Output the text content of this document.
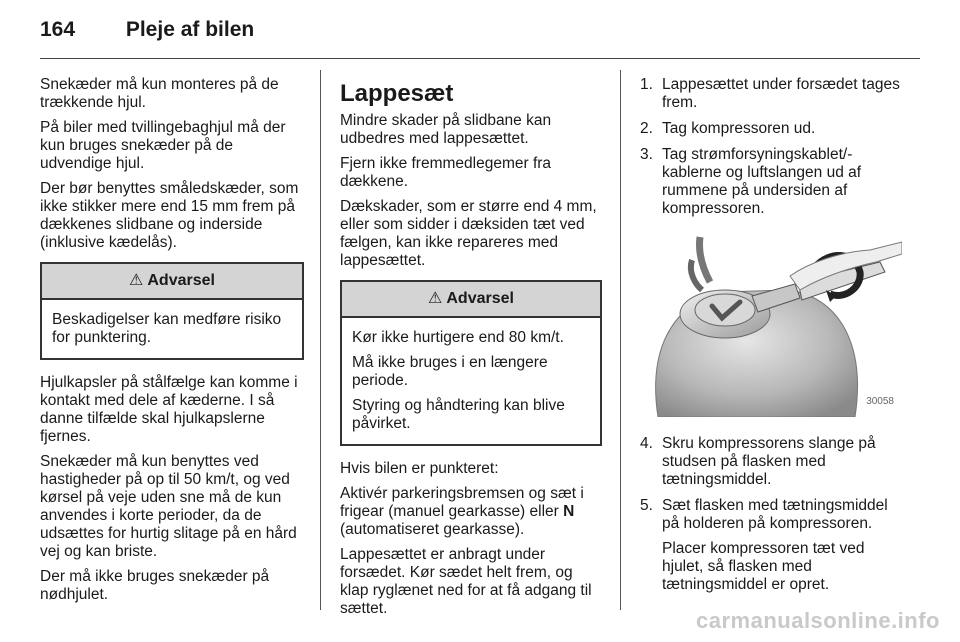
164 Pleje af bilen

Snekæder må kun monteres på de trækkende hjul.

På biler med tvillingebaghjul må der kun bruges snekæder på de udvendige hjul.

Der bør benyttes småledskæder, som ikke stikker mere end 15 mm frem på dækkenes slidbane og inderside (inklusive kædelås).

⚠ Advarsel

Beskadigelser kan medføre risiko for punktering.

Hjulkapsler på stålfælge kan komme i kontakt med dele af kæderne. I så danne tilfælde skal hjulkapslerne fjernes.

Snekæder må kun benyttes ved hastigheder på op til 50 km/t, og ved kørsel på veje uden sne må de kun anvendes i korte perioder, da de udsættes for hurtig slitage på en hård vej og kan briste.

Der må ikke bruges snekæder på nødhjulet.

Lappesæt

Mindre skader på slidbane kan udbedres med lappesættet.

Fjern ikke fremmedlegemer fra dækkene.

Dækskader, som er større end 4 mm, eller som sidder i dæksiden tæt ved fælgen, kan ikke repareres med lappesættet.

⚠ Advarsel

Kør ikke hurtigere end 80 km/t.

Må ikke bruges i en længere periode.

Styring og håndtering kan blive påvirket.

Hvis bilen er punkteret:

Aktivér parkeringsbremsen og sæt i frigear (manuel gearkasse) eller N (automatiseret gearkasse).

Lappesættet er anbragt under forsædet. Kør sædet helt frem, og klap ryglænet ned for at få adgang til sættet.

1. Lappesættet under forsædet tages frem.
2. Tag kompressoren ud.
3. Tag strømforsyningskablet/-kablerne og luftslangen ud af rummene på undersiden af kompressoren.
30058
4. Skru kompressorens slange på studsen på flasken med tætningsmiddel.
5. Sæt flasken med tætningsmiddel på holderen på kompressoren.
Placer kompressoren tæt ved hjulet, så flasken med tætningsmiddel er opret.
carmanualsonline.info
